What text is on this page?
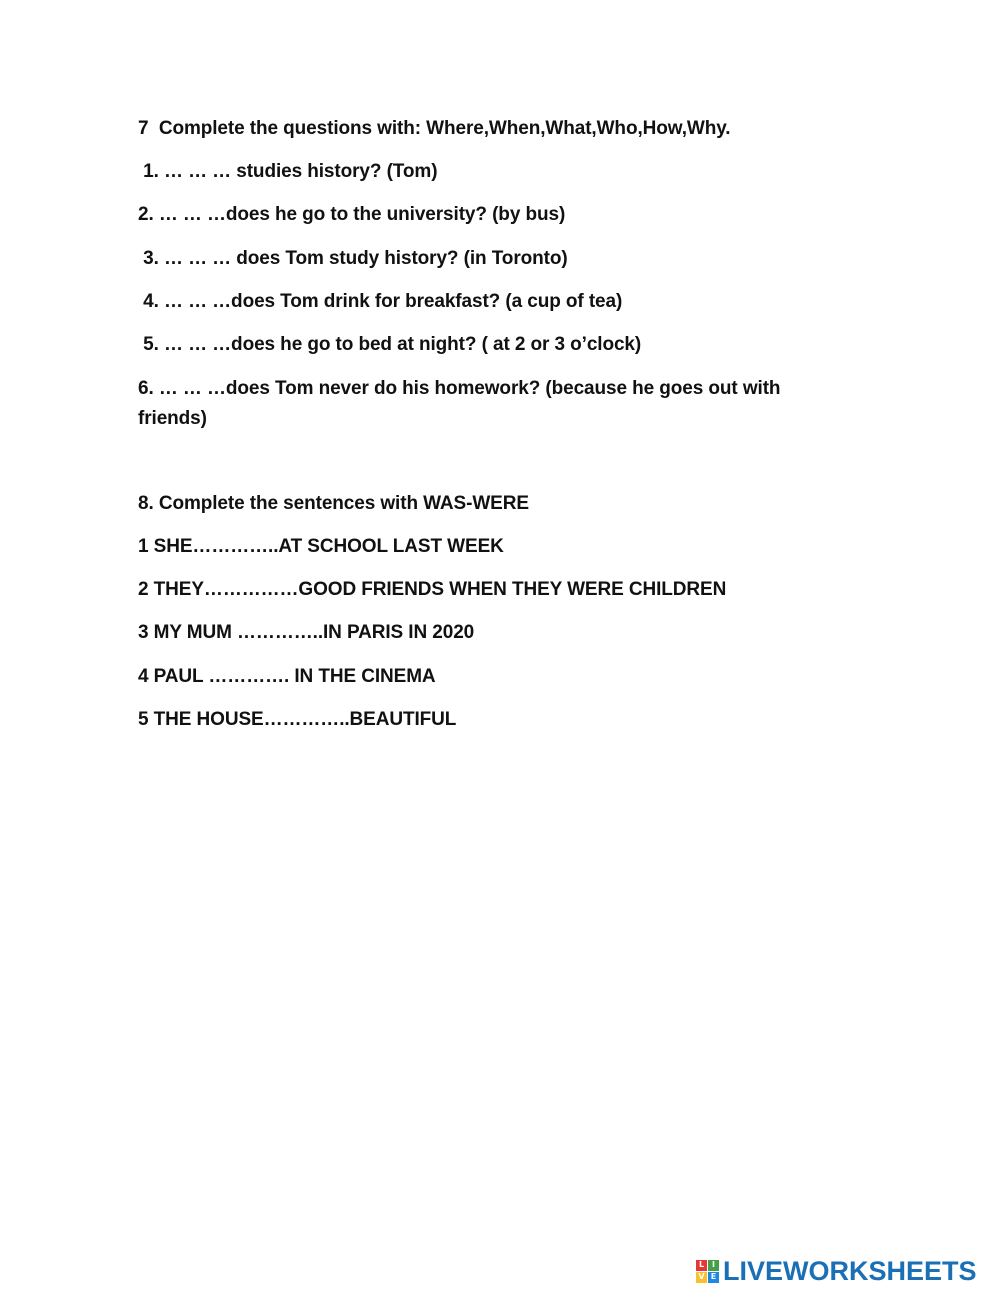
7  Complete the questions with: Where,When,What,Who,How,Why.
1. … … … studies history? (Tom)
2. … … …does he go to the university? (by bus)
3. … … … does Tom study history? (in Toronto)
4. … … …does Tom drink for breakfast? (a cup of tea)
5. … … …does he go to bed at night? ( at 2 or 3 o’clock)
6. … … …does Tom never do his homework? (because he goes out with friends)
8. Complete the sentences with WAS-WERE
1 SHE…………..AT SCHOOL LAST WEEK
2 THEY……………GOOD FRIENDS WHEN THEY WERE CHILDREN
3 MY MUM …………..IN PARIS IN 2020
4 PAUL …………. IN THE CINEMA
5 THE HOUSE…………..BEAUTIFUL
L I
V E LIVEWORKSHEETS
